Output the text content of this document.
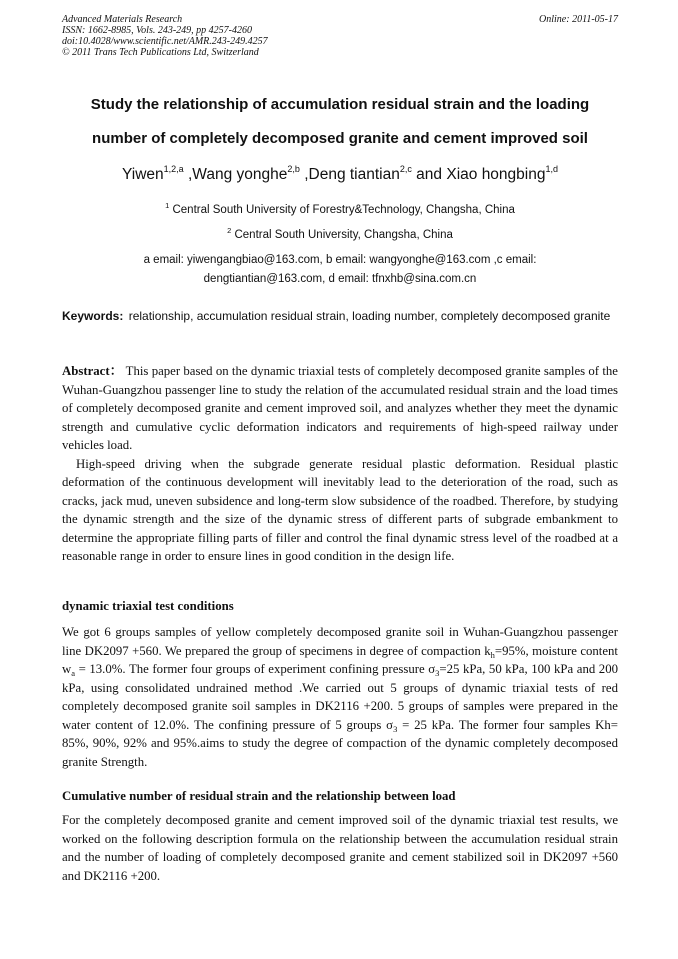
Advanced Materials Research
ISSN: 1662-8985, Vols. 243-249, pp 4257-4260
doi:10.4028/www.scientific.net/AMR.243-249.4257
© 2011 Trans Tech Publications Ltd, Switzerland
Online: 2011-05-17
Study the relationship of accumulation residual strain and the loading number of completely decomposed granite and cement improved soil
Yiwen$^{1,2,a}$ ,Wang yonghe$^{2,b}$ ,Deng tiantian$^{2,c}$ and Xiao hongbing$^{1,d}$
$^1$ Central South University of Forestry&Technology, Changsha, China
$^2$ Central South University, Changsha, China
a email: yiwengangbiao@163.com, b email: wangyonghe@163.com ,c email:
dengtiantian@163.com, d email: tfnxhb@sina.com.cn
Keywords: relationship, accumulation residual strain, loading number, completely decomposed granite

Abstract： This paper based on the dynamic triaxial tests of completely decomposed granite samples of the Wuhan-Guangzhou passenger line to study the relation of the accumulated residual strain and the load times of completely decomposed granite and cement improved soil, and analyzes whether they meet the dynamic strength and cumulative cyclic deformation indicators and requirements of high-speed railway under vehicles load.

High-speed driving when the subgrade generate residual plastic deformation. Residual plastic deformation of the continuous development will inevitably lead to the deterioration of the road, such as cracks, jack mud, uneven subsidence and long-term slow subsidence of the roadbed. Therefore, by studying the dynamic strength and the size of the dynamic stress of different parts of subgrade embankment to determine the appropriate filling parts of filler and control the final dynamic stress level of the roadbed at a reasonable range in order to ensure lines in good condition in the design life.

dynamic triaxial test conditions

We got 6 groups samples of yellow completely decomposed granite soil in Wuhan-Guangzhou passenger line DK2097 +560. We prepared the group of specimens in degree of compaction $k_h=95\%$, moisture content $w_a = 13.0\%$. The former four groups of experiment confining pressure $\sigma_3=25$ kPa, 50 kPa, 100 kPa and 200 kPa, using consolidated undrained method .We carried out 5 groups of dynamic triaxial tests of red completely decomposed granite soil samples in DK2116 +200. 5 groups of samples were prepared in the water content of 12.0%. The confining pressure of 5 groups $\sigma_3 = 25$ kPa. The former four samples Kh= 85%, 90%, 92% and 95%.aims to study the degree of compaction of the dynamic completely decomposed granite Strength.

Cumulative number of residual strain and the relationship between load

For the completely decomposed granite and cement improved soil of the dynamic triaxial test results, we worked on the following description formula on the relationship between the accumulation residual strain and the number of loading of completely decomposed granite and cement stabilized soil in DK2097 +560 and DK2116 +200.
